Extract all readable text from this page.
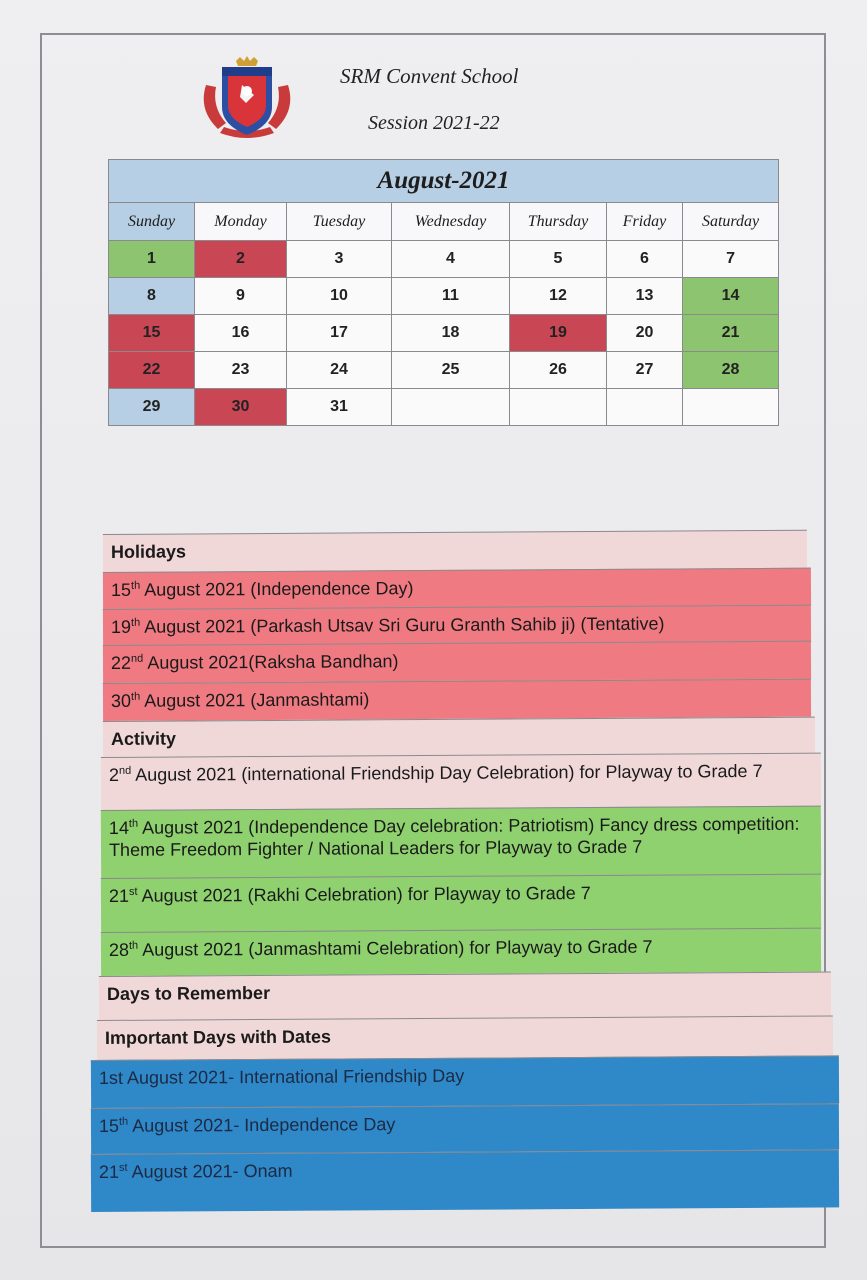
SRM Convent School
Session 2021-22
August-2021						
Sunday	Monday	Tuesday	Wednesday	Thursday	Friday	Saturday
1	2	3	4	5	6	7
8	9	10	11	12	13	14
15	16	17	18	19	20	21
22	23	24	25	26	27	28
29	30	31				
Holidays
15th August 2021 (Independence Day)
19th August 2021 (Parkash Utsav Sri Guru Granth Sahib ji) (Tentative)
22nd August 2021(Raksha Bandhan)
30th August 2021 (Janmashtami)
Activity
2nd August 2021 (international Friendship Day Celebration) for Playway to Grade 7
14th August 2021 (Independence Day celebration: Patriotism) Fancy dress competition: Theme Freedom Fighter / National Leaders for Playway to Grade 7
21st August 2021 (Rakhi Celebration) for Playway to Grade 7
28th August 2021 (Janmashtami Celebration) for Playway to Grade 7
Days to Remember
Important Days with Dates
1st August 2021- International Friendship Day
15th August 2021- Independence Day
21st August 2021- Onam
